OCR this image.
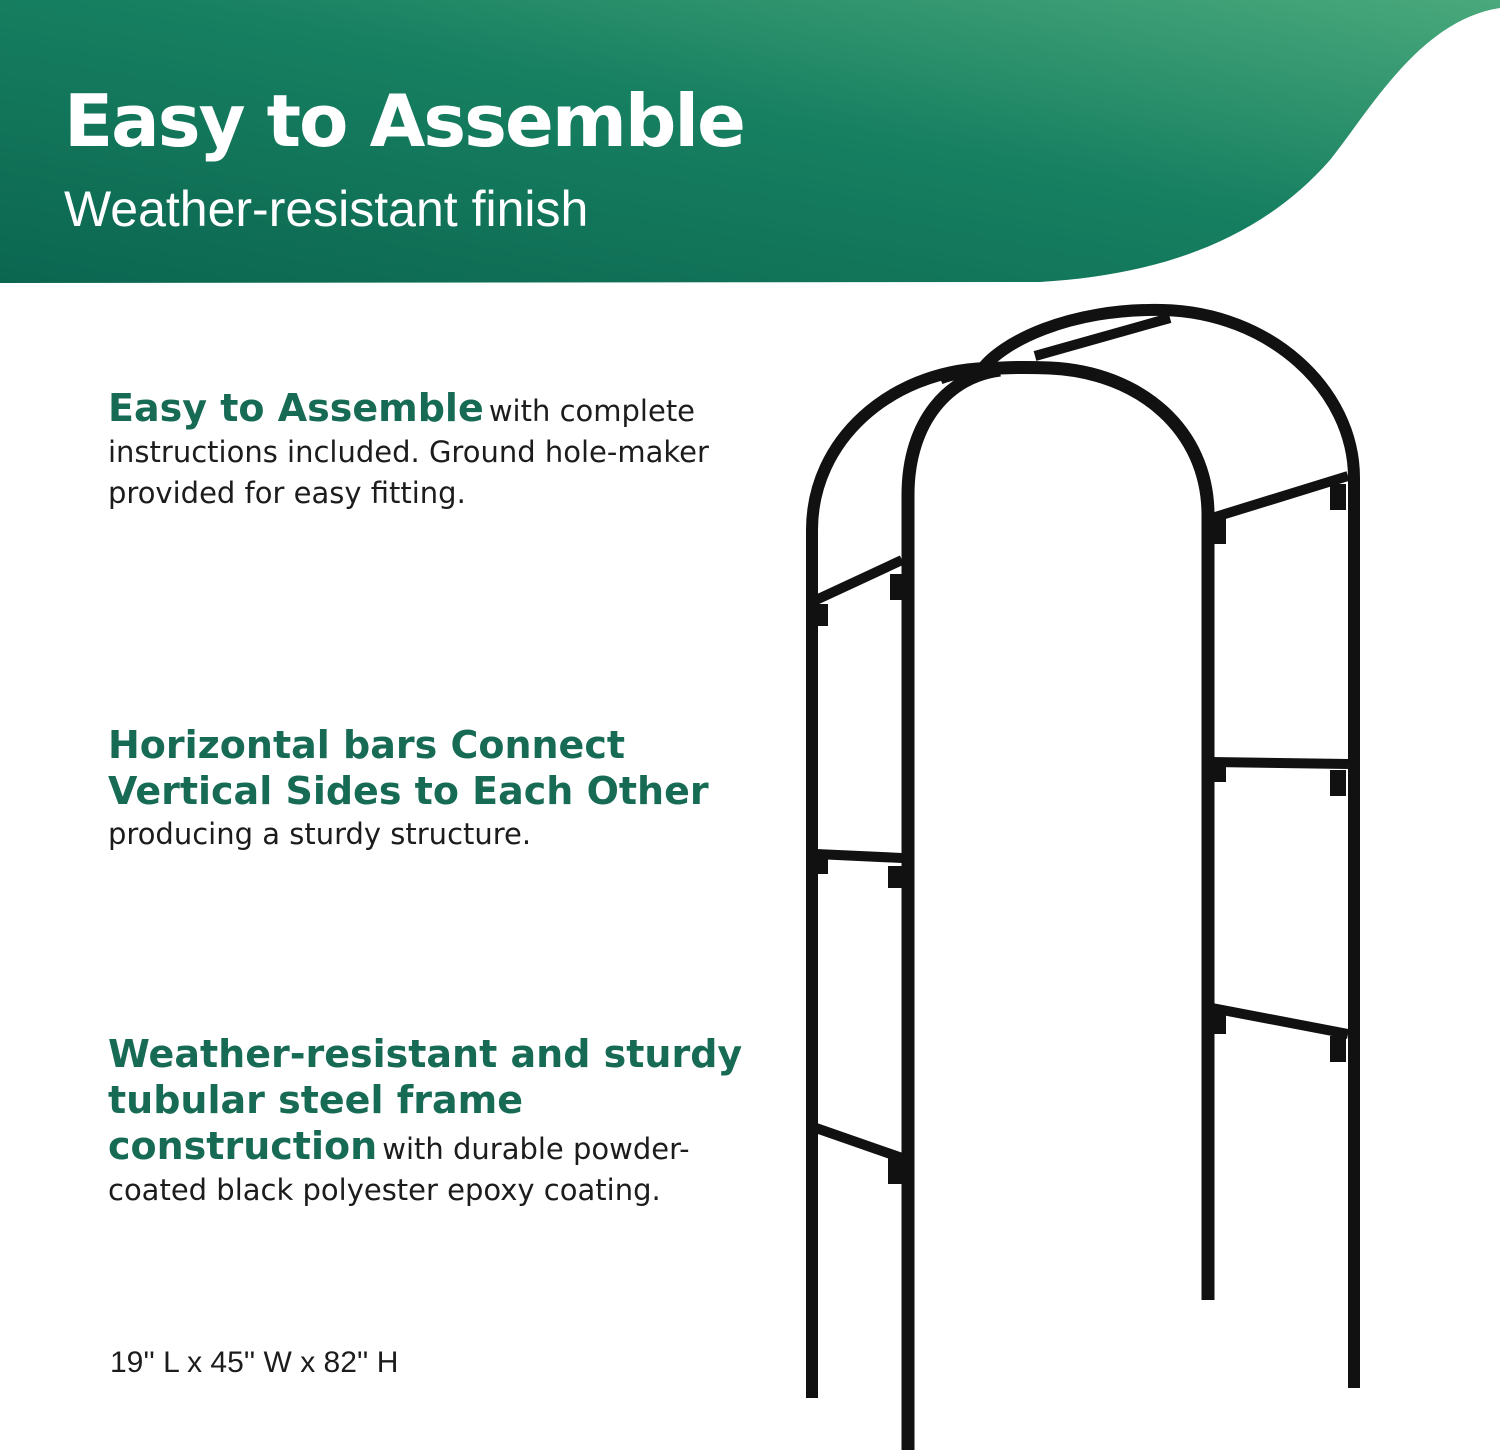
Easy to Assemble

Weather-resistant finish

Easy to Assemble with complete instructions included. Ground hole-maker provided for easy fitting.
Horizontal bars Connect Vertical Sides to Each Other
producing a sturdy structure.
Weather-resistant and sturdy tubular steel frame construction with durable powder-coated black polyester epoxy coating.

19'' L x 45'' W x 82'' H
